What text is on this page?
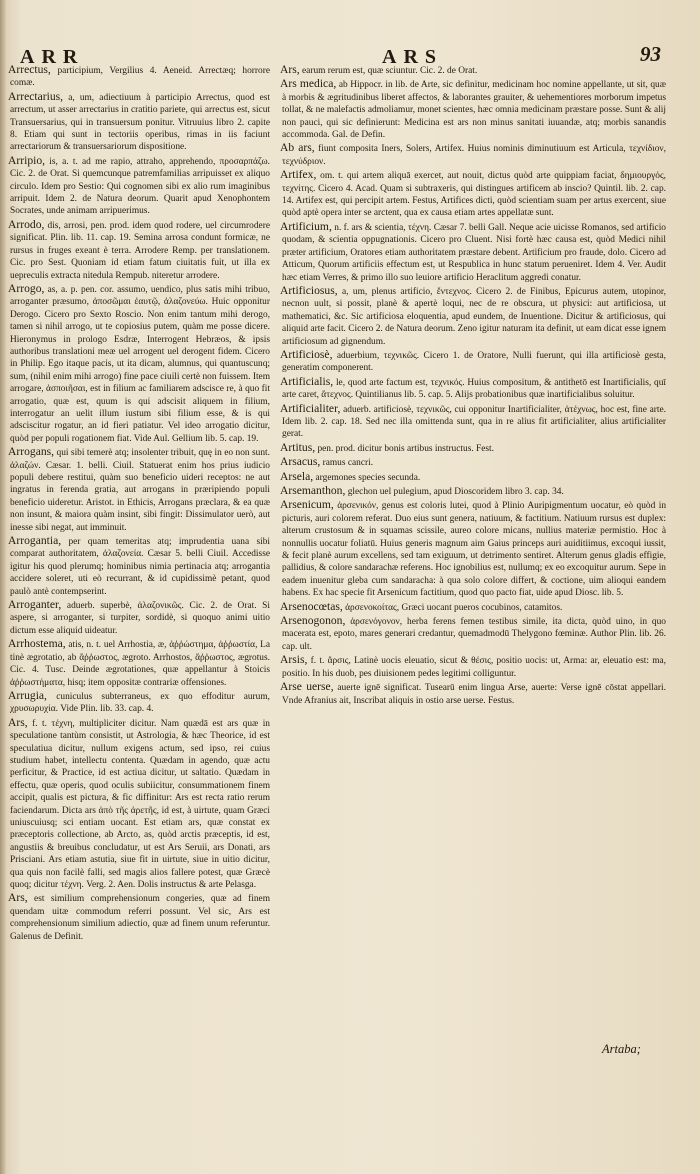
ARR	ARS	93

Arrectus, participium, Vergilius 4. Aeneid. Arrectæq; horrore comæ.

Arrectarius, a, um, adiectiuum à participio Arrectus, quod est arrectum, ut asser arrectarius in cratitio pariete, qui arrectus est, sicut Transuersarius, qui in transuersum ponitur. Vitruuius libro 2. capite 8. Etiam qui sunt in tectoriis operibus, rimas in iis faciunt arrectariorum & transuersariorum dispositione.

Arripio, is, a. t. ad me rapio, attraho, apprehendo, προσαρπάζω. Cic. 2. de Orat. Si quemcunque patremfamilias arripuisset ex aliquo circulo. Idem pro Sestio: Qui cognomen sibi ex alio rum imaginibus arripuit. Idem 2. de Natura deorum. Quarit apud Xenophontem Socrates, unde animam arripuerimus.

Arrodo, dis, arrosi, pen. prod. idem quod rodere, uel circumrodere significat. Plin. lib. 11. cap. 19. Semina arrosa condunt formicæ, ne rursus in fruges exeant è terra. Arrodere Remp. per translationem. Cic. pro Sest. Quoniam id etiam fatum ciuitatis fuit, ut illa ex uepreculis extracta nitedula Rempub. niteretur arrodere.

Arrogo, as, a. p. pen. cor. assumo, uendico, plus satis mihi tribuo, arroganter præsumo, ἀποσῶμαι ἐαυτῷ, ἀλαζονεύω. Huic opponitur Derogo. Cicero pro Sexto Roscio. Non enim tantum mihi derogo, tamen si nihil arrogo, ut te copiosius putem, quàm me posse dicere. Hieronymus in prologo Esdræ, Interrogent Hebræos, & ipsis authoribus translationi meæ uel arrogent uel derogent fidem. Cicero in Philip. Ego itaque pacis, ut ita dicam, alumnus, qui quantuscunq; sum, (nihil enim mihi arrogo) fine pace ciuili certè non fuissem. Item arrogare, ἀσποιῆσαι, est in filium ac familiarem adscisce re, à quo fit arrogatio, quæ est, quum is qui adscisit aliquem in filium, interrogatur an uelit illum iustum sibi filium esse, & is qui adsciscitur rogatur, an id fieri patiatur. Vel ideo arrogatio dicitur, quòd per populi rogationem fiat. Vide Aul. Gellium lib. 5. cap. 19.

Arrogans, qui sibi temerè atq; insolenter tribuit, quę in eo non sunt. ἀλαζών. Cæsar. 1. belli. Ciuil. Statuerat enim hos prius iudicio populi debere restitui, quàm suo beneficio uideri receptos: ne aut ingratus in ferenda gratia, aut arrogans in præripiendo populi beneficio uideretur. Aristot. in Ethicis, Arrogans præclara, & ea quæ non insunt, & maiora quàm insint, sibi fingit: Dissimulator uerò, aut inesse sibi negat, aut imminuit.

Arrogantia, per quam temeritas atq; imprudentia uana sibi comparat authoritatem, ἀλαζονεία. Cæsar 5. belli Ciuil. Accedisse igitur his quod plerumq; hominibus nimia pertinacia atq; arrogantia accidere soleret, uti eò recurrant, & id cupidissimè petant, quod paulò antè contempserint.

Arroganter, aduerb. superbè, ἀλαζονικῶς. Cic. 2. de Orat. Si aspere, si arroganter, si turpiter, sordidè, si quoquo animi uitio dictum esse aliquid uideatur.

Arrhostema, atis, n. t. uel Arrhostia, æ, ἀῤῥώστημα, ἀῤῥωστία, La tinè ægrotatio, ab ἄῤῥωστος, ægroto. Arrhostos, ἄῤῥωστος, ægrotus. Cic. 4. Tusc. Deinde ægrotationes, quæ appellantur à Stoicis ἀῤῥωστήματα, hisq; item oppositæ contrariæ offensiones.

Arrugia, cuniculus subterraneus, ex quo effoditur aurum, χρυσωρυχία. Vide Plin. lib. 33. cap. 4.

Ars, f. t. τέχνη, multipliciter dicitur. Nam quædā est ars quæ in speculatione tantùm consistit, ut Astrologia, & hæc Theorice, id est speculatiua dicitur, nullum exigens actum, sed ipso, rei cuius studium habet, intellectu contenta. Quædam in agendo, quæ actu perficitur, & Practice, id est actiua dicitur, ut saltatio. Quædam in effectu, quæ operis, quod oculis subiicitur, consummationem finem accipit, qualis est pictura, & fic diffinitur: Ars est recta ratio rerum faciendarum. Dicta ars ἀπὸ τῆς ἀρετῆς, id est, à uirtute, quam Græci uniuscuiusq; sci entiam uocant. Est etiam ars, quæ constat ex præceptoris collectione, ab Arcto, as, quòd arctis præceptis, id est, angustiis & breuibus concludatur, ut est Ars Seruii, ars Donati, ars Prisciani. Ars etiam astutia, siue fit in uirtute, siue in uitio dicitur, qua quis non facilè falli, sed magis alios fallere potest, quæ Græcè quoq; dicitur τέχνη. Verg. 2. Aen. Dolis instructus & arte Pelasga.

Ars, est similium comprehensionum congeries, quæ ad finem quendam uitæ commodum referri possunt. Vel sic, Ars est comprehensionum similium adiectio, quæ ad finem unum referuntur. Galenus de Definit.

Ars, earum rerum est, quæ sciuntur. Cic. 2. de Orat.

Ars medica, ab Hippocr. in lib. de Arte, sic definitur, medicinam hoc nomine appellante, ut sit, quæ à morbis & ægritudinibus liberet affectos, & laborantes grauiter, & uehementiores morborum impetus tollat, & ne malefactis admoliamur, monet scientes, hæc omnia medicinam præstare posse. Sunt & alij non pauci, qui sic definierunt: Medicina est ars non minus sanitati iuuandæ, atq; morbis sanandis accommoda. Gal. de Defin.

Ab ars, fiunt composita Iners, Solers, Artifex. Huius nominis diminutiuum est Articula, τεχνίδιον, τεχνύδριον.

Artifex, om. t. qui artem aliquā exercet, aut nouit, dictus quòd arte quippiam faciat, δημιουργός, τεχνίτης. Cicero 4. Acad. Quam si subtraxeris, qui distingues artificem ab inscio? Quintil. lib. 2. cap. 14. Artifex est, qui percipit artem. Festus, Artifices dicti, quòd scientiam suam per artus exercent, siue quòd aptè opera inter se arctent, qua ex causa etiam artes appellatæ sunt.

Artificium, n. f. ars & scientia, τέχνη. Cæsar 7. belli Gall. Neque acie uicisse Romanos, sed artificio quodam, & scientia oppugnationis. Cicero pro Cluent. Nisi fortè hæc causa est, quòd Medici nihil præter artificium, Oratores etiam authoritatem præstare debent. Artificium pro fraude, dolo. Cicero ad Atticum, Quorum artificiis effectum est, ut Respublica in hunc statum perueniret. Idem 4. Ver. Audit hæc etiam Verres, & primo illo suo leuiore artificio Heraclitum aggredi conatur.

Artificiosus, a, um, plenus artificio, ἔντεχνος. Cicero 2. de Finibus, Epicurus autem, utopinor, necnon uult, si possit, planè & apertè loqui, nec de re obscura, ut physici: aut artificiosa, ut mathematici, &c. Sic artificiosa eloquentia, apud eundem, de Inuentione. Dicitur & artificiosus, qui aliquid arte facit. Cicero 2. de Natura deorum. Zeno igitur naturam ita definit, ut eam dicat esse ignem artificiosum ad gignendum.

Artificiosè, aduerbium, τεχνικῶς. Cicero 1. de Oratore, Nulli fuerunt, qui illa artificiosè gesta, generatim componerent.

Artificialis, le, quod arte factum est, τεχνικός. Huius compositum, & antithetō est Inartificialis, quī arte caret, ἄτεχνος. Quintilianus lib. 5. cap. 5. Alijs probationibus quæ inartificialibus soluitur.

Artificialiter, aduerb. artificiosè, τεχνικῶς, cui opponitur Inartificialiter, ἀτέχνως, hoc est, fine arte. Idem lib. 2. cap. 18. Sed nec illa omittenda sunt, qua in re alius fit artificialiter, alius artificialiter gerat.

Artitus, pen. prod. dicitur bonis artibus instructus. Fest.

Arsacus, ramus cancri.

Arsela, argemones species secunda.

Arsemanthon, glechon uel pulegium, apud Dioscoridem libro 3. cap. 34.

Arsenicum, ἀρσενικόν, genus est coloris lutei, quod à Plinio Auripigmentum uocatur, eò quòd in picturis, auri colorem referat. Duo eius sunt genera, natiuum, & factitium. Natiuum rursus est duplex: alterum crustosum & in squamas scissile, aureo colore micans, nullius materiæ permistio. Hoc à nonnullis uocatur foliatū. Huius generis magnum aim Gaius princeps auri auiditiimus, excoqui iussit, & fecit planè aurum excellens, sed tam exiguum, ut detrimento sentiret. Alterum genus gladis effigie, pallidius, & colore sandarachæ referens. Hoc ignobilius est, nullumq; ex eo excoquitur aurum. Sepe in eadem inuenitur gleba cum sandaracha: à qua solo colore differt, & coctione, uim alioqui eandem habens. Ex hac specie fit Arsenicum factitium, quod quo pacto fiat, uide apud Diosc. lib. 5.

Arsenocœtas, ἀρσενοκοίτας, Græci uocant pueros cocubinos, catamitos.

Arsenogonon, ἀρσενόγονον, herba ferens femen testibus simile, ita dicta, quòd uino, in quo macerata est, epoto, mares generari credantur, quemadmodū Thelygono fœminæ. Author Plin. lib. 26. cap. ult.

Arsis, f. t. ἄρσις, Latinè uocis eleuatio, sicut & θέσις, positio uocis: ut, Arma: ar, eleuatio est: ma, positio. In his duob, pes diuisionem pedes legitimi colliguntur.

Arse uerse, auerte ignē significat. Tusearū enim lingua Arse, auerte: Verse ignē cōstat appellari. Vnde Afranius ait, Inscribat aliquis in ostio arse uerse. Festus.

Artaba;
